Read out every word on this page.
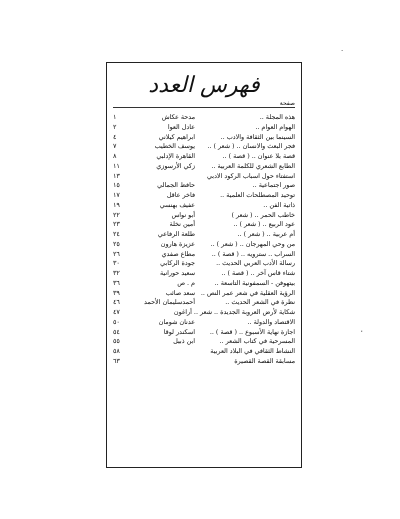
فهرس العدد
صفحة
هذه المجلة ..
مدحة عكاش
١
الهوام العوام ..
عادل العوا
٢
السينما بين الثقافة والادب ..
ابراهيم كيلاني
٤
فجر البعث والانسان .. ( شعر ) ..
يوسف الخطيب
٧
قصة بلا عنوان .. ( قصة ) ..
القاهرة الإدلبي
٨
الطابع الشعري للكلمة العربية ..
زكي الأرسوزي
١١
استفتاء حول اسباب الركود الادبي
١٣
صور اجتماعية ..
حافظ الجمالي
١٥
توحيد المصطلحات العلمية ..
فاخر عاقل
١٧
ذاتية الفن ..
عفيف بهنسي
١٩
خاطب الحمر .. ( شعر )
أبو نواس
٢٢
عود الربيع .. ( شعر ) ..
أمين نخلة
٢٣
أم عربية .. ( شعر ) ..
طلعة الرفاعي
٢٤
من وحي المهرجان .. ( شعر ) ..
عزيزة هارون
٢٥
السراب .. سترويه .. ( قصة ) ..
مطاع صفدي
٢٦
رسالة الأدب العربي الحديث ..
جودة الركابي
٣٠
شتاء قاس آخر .. ( قصة ) ..
سعيد حورانية
٣٢
بيتهوفن - السمفونية التاسعة ..
م . ص
٣٦
الرؤية العقلية في شعر عمر النص ..
سعد صائب
٣٩
نظرة في الشعر الحديث ..
أحمدسليمان الأحمد
٤٦
شكاية لأرض العروبة الجديدة .. شعر .. أراغون
٤٧
الاقتصاد والدولة ..
عدنان شومان
٥٠
اجازة نهاية الأسبوع .. ( قصة ) ..
اسكندر لوقا
٥٤
المسرحية في كتاب الشعر ..
ابن ذبيل
٥٥
النشاط الثقافي في البلاد العربية
٥٨
مسابقة القصة القصيرة
٦٣
·
